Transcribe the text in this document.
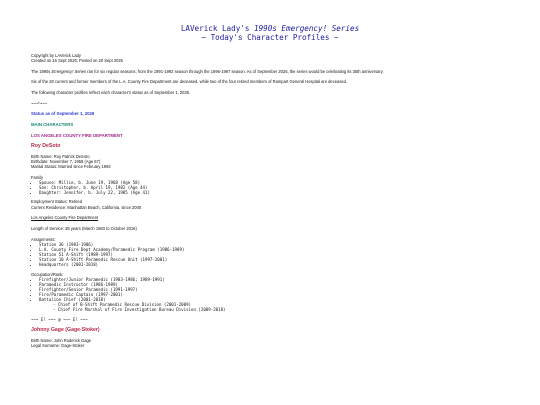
LAVerick Lady's 1990s Emergency! Series
~ Today's Character Profiles ~

Copyright by LAVerick Lady

Created on 16 Sept 2026; Posted on 20 Sept 2026

The 1990s Emergency! Series ran for six regular seasons, from the 1991-1992 season through the 1996-1997 season. As of September 2026, the series would be celebrating its 35th anniversary.

Six of the 28 current and former members of the L.A. County Fire Department are deceased, while two of the four retired members of Rampart General Hospital are deceased.

The following character profiles reflect each character's status as of September 1, 2026.

~~~*~~~

Status as of September 1, 2026

MAIN CHARACTERS

LOS ANGELES COUNTY FIRE DEPARTMENT

Roy DeSoto

Birth Name: Roy Patrick DeSoto

Birthdate: November 7, 1958 (Age 67)

Marital Status: Married since February 1994

Family

• Spouse: Millie, b. June 19, 1968 (Age 58)
• Son: Christopher, b. April 19, 1982 (Age 44)
• Daughter: Jennifer, b. July 22, 1985 (Age 41)

Employment Status: Retired

Current Residence: Manhattan Beach, California, since 2000

Los Angeles County Fire Department

Length of Service: 35 years (March 1983 to October 2018)

Assignments:

• Station 36 (1983-1986)
• L.A. County Fire Dept Academy/Paramedic Program (1986-1989)
• Station 51 A-Shift (1989-1997)
• Station 10 A-Shift Paramedic Rescue Unit (1997-2001)
• Headquarters (2001-2018)

Occupation/Rank:

• Firefighter/Junior Paramedic (1983-1986; 1989-1991)
• Paramedic Instructor (1986-1989)
• Firefighter/Senior Paramedic (1991-1997)
• Fire/Paramedic Captain (1997-2001)
• Battalion Chief (2001-2018)
- Chief of B-Shift Paramedic Rescue Division (2001-2009)
- Chief Fire Marshal of Fire Investigation Bureau Division (2009-2018)

~~~ E! ~~~ @ ~~~ E! ~~~

Johnny Gage (Gage-Stoker)

Birth Name: John Roderick Gage

Legal Surname: Gage-Stoker
